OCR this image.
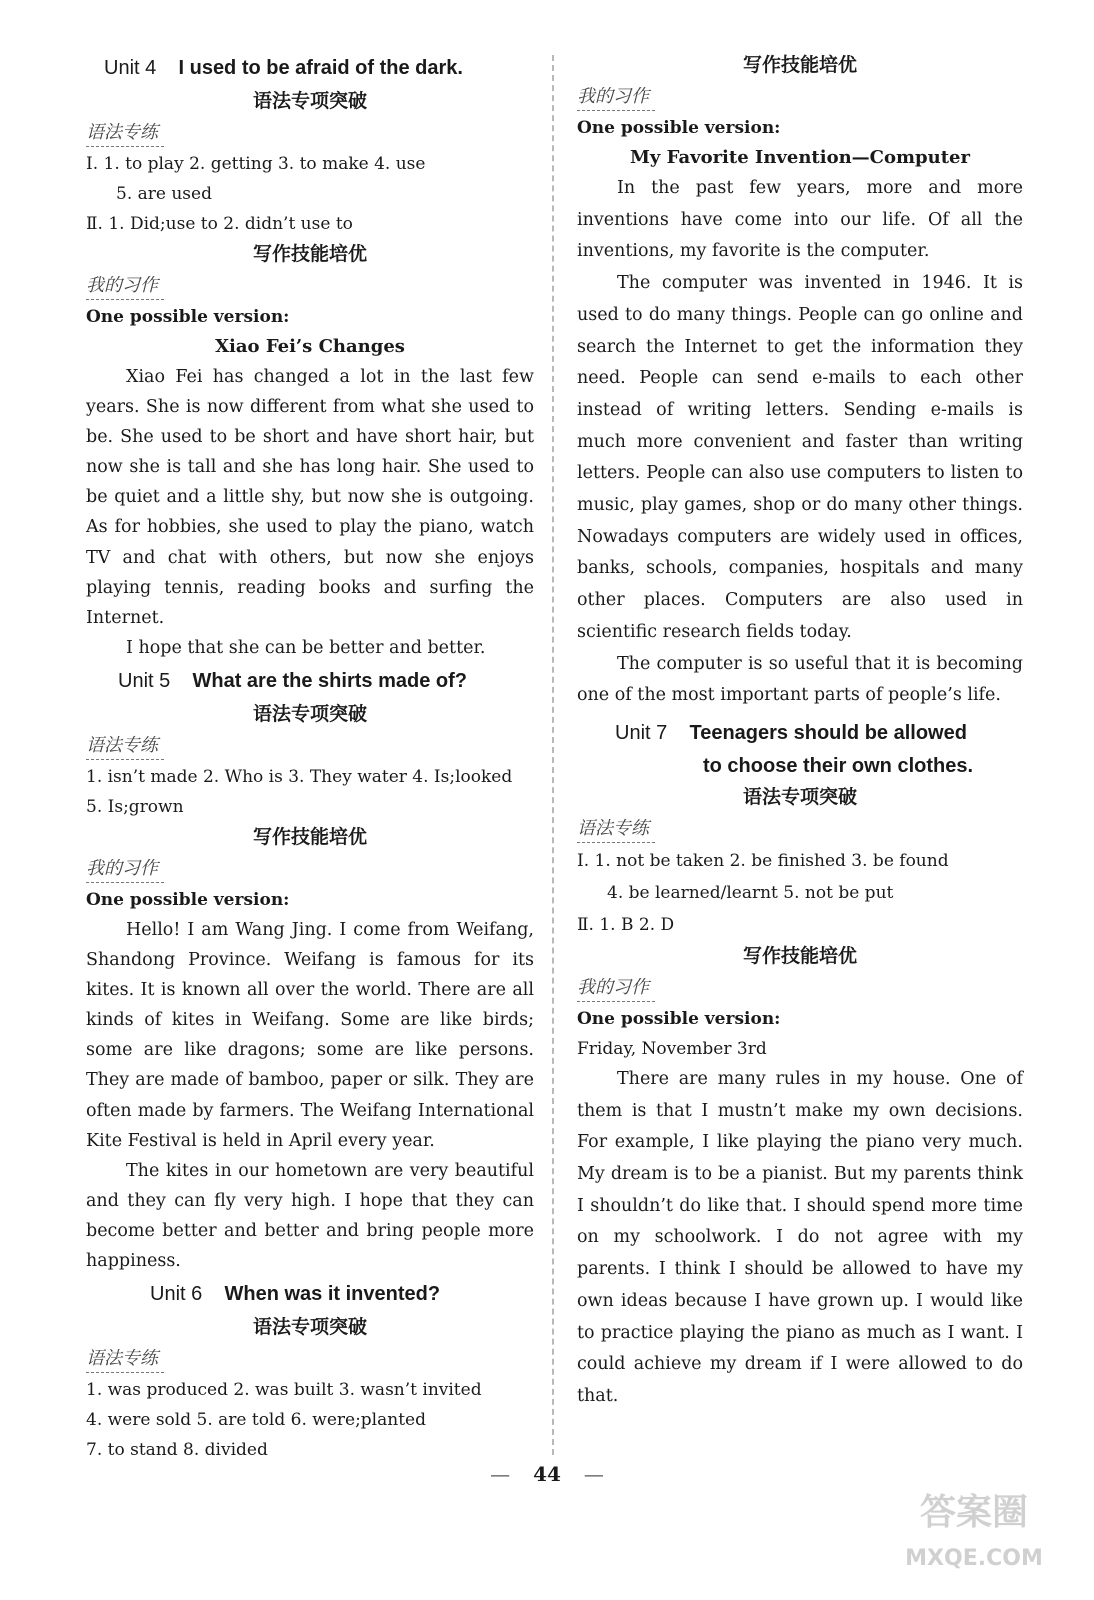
Unit 4 I used to be afraid of the dark.

语法专项突破

语法专练

Ⅰ. 1. to play 2. getting 3. to make 4. use

5. are used

Ⅱ. 1. Did;use to 2. didn’t use to

写作技能培优

我的习作

One possible version:

Xiao Fei’s Changes

Xiao Fei has changed a lot in the last few years. She is now different from what she used to be. She used to be short and have short hair, but now she is tall and she has long hair. She used to be quiet and a little shy, but now she is outgoing. As for hobbies, she used to play the piano, watch TV and chat with others, but now she enjoys playing tennis, reading books and surfing the Internet.

I hope that she can be better and better.

Unit 5 What are the shirts made of?

语法专项突破

语法专练

1. isn’t made 2. Who is 3. They water 4. Is;looked

5. Is;grown

写作技能培优

我的习作

One possible version:

Hello! I am Wang Jing. I come from Weifang, Shandong Province. Weifang is famous for its kites. It is known all over the world. There are all kinds of kites in Weifang. Some are like birds; some are like dragons; some are like persons. They are made of bamboo, paper or silk. They are often made by farmers. The Weifang International Kite Festival is held in April every year.

The kites in our hometown are very beautiful and they can fly very high. I hope that they can become better and better and bring people more happiness.

Unit 6 When was it invented?

语法专项突破

语法专练

1. was produced 2. was built 3. wasn’t invited

4. were sold 5. are told 6. were;planted

7. to stand 8. divided

写作技能培优

我的习作

One possible version:

My Favorite Invention—Computer

In the past few years, more and more inventions have come into our life. Of all the inventions, my favorite is the computer.

The computer was invented in 1946. It is used to do many things. People can go online and search the Internet to get the information they need. People can send e-mails to each other instead of writing letters. Sending e-mails is much more convenient and faster than writing letters. People can also use computers to listen to music, play games, shop or do many other things. Nowadays computers are widely used in offices, banks, schools, companies, hospitals and many other places. Computers are also used in scientific research fields today.

The computer is so useful that it is becoming one of the most important parts of people’s life.

Unit 7 Teenagers should be allowed
to choose their own clothes.

语法专项突破

语法专练

Ⅰ. 1. not be taken 2. be finished 3. be found

4. be learned/learnt 5. not be put

Ⅱ. 1. B 2. D

写作技能培优

我的习作

One possible version:

Friday, November 3rd

There are many rules in my house. One of them is that I mustn’t make my own decisions. For example, I like playing the piano very much. My dream is to be a pianist. But my parents think I shouldn’t do like that. I should spend more time on my schoolwork. I do not agree with my parents. I think I should be allowed to have my own ideas because I have grown up. I would like to practice playing the piano as much as I want. I could achieve my dream if I were allowed to do that.

— 44 —
答案圈
MXQE.COM
